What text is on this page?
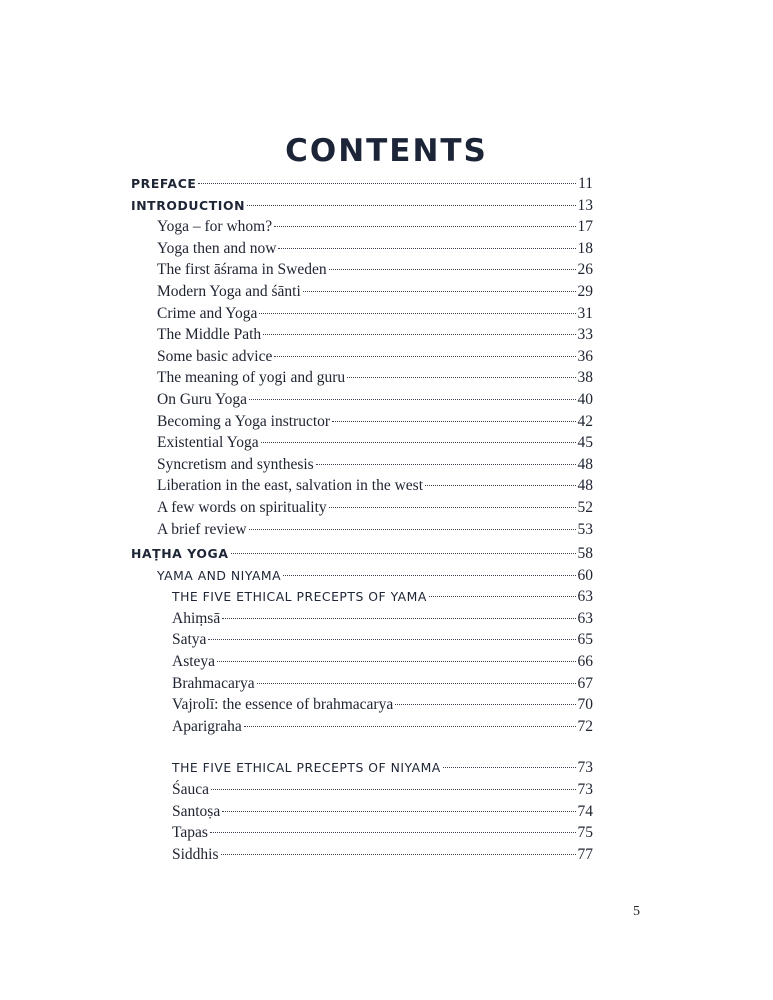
CONTENTS
PREFACE	11
INTRODUCTION	13
Yoga – for whom?	17
Yoga then and now	18
The first āśrama in Sweden	26
Modern Yoga and śānti	29
Crime and Yoga	31
The Middle Path	33
Some basic advice	36
The meaning of yogi and guru	38
On Guru Yoga	40
Becoming a Yoga instructor	42
Existential Yoga	45
Syncretism and synthesis	48
Liberation in the east, salvation in the west	48
A few words on spirituality	52
A brief review	53
HAṬHA YOGA	58
YAMA AND NIYAMA	60
THE FIVE ETHICAL PRECEPTS OF YAMA	63
Ahiṃsā	63
Satya	65
Asteya	66
Brahmacarya	67
Vajrolī: the essence of brahmacarya	70
Aparigraha	72
THE FIVE ETHICAL PRECEPTS OF NIYAMA	73
Śauca	73
Santoṣa	74
Tapas	75
Siddhis	77
5
